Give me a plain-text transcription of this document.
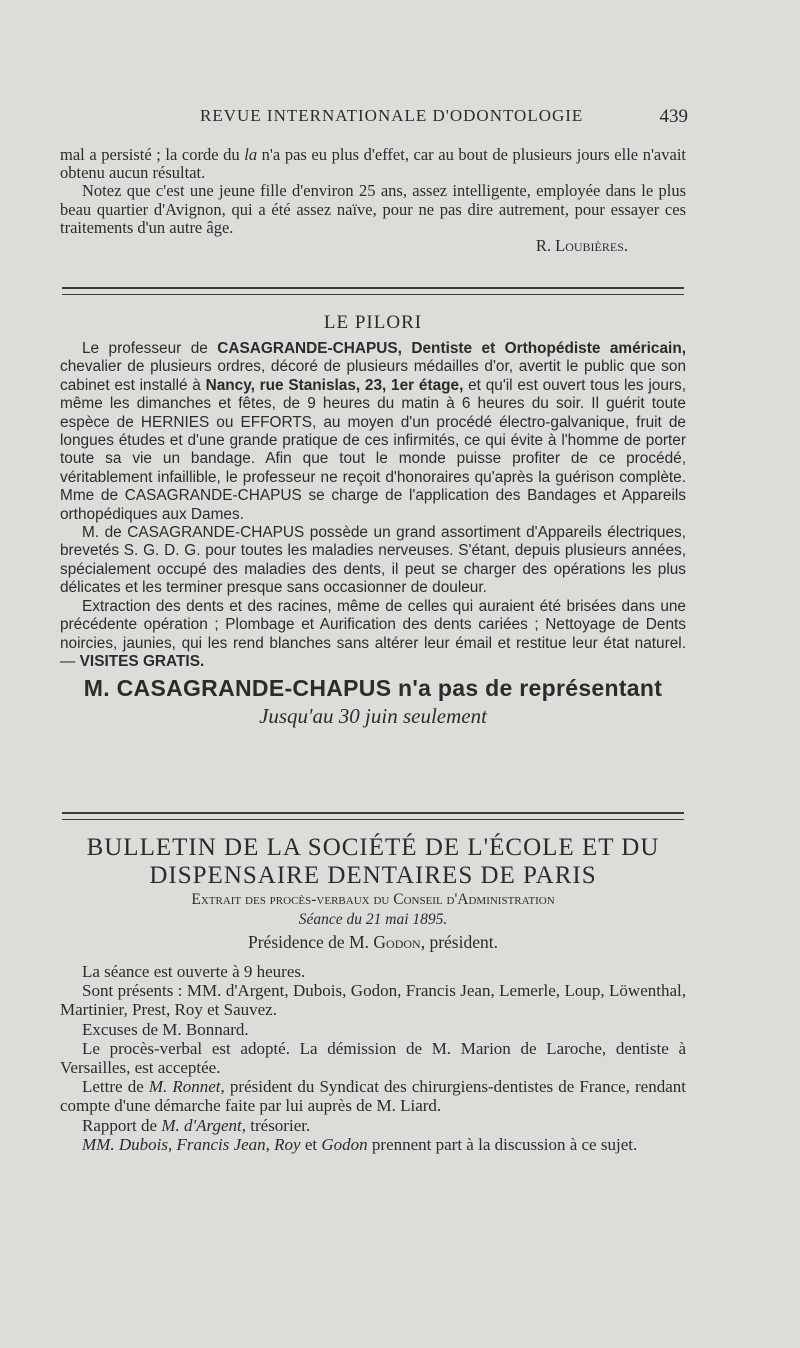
REVUE INTERNATIONALE D'ODONTOLOGIE	439

mal a persisté ; la corde du la n'a pas eu plus d'effet, car au bout de plusieurs jours elle n'avait obtenu aucun résultat.

Notez que c'est une jeune fille d'environ 25 ans, assez intelligente, employée dans le plus beau quartier d'Avignon, qui a été assez naïve, pour ne pas dire autrement, pour essayer ces traitements d'un autre âge.

R. Loubières.

LE PILORI

Le professeur de CASAGRANDE-CHAPUS, Dentiste et Orthopédiste américain, chevalier de plusieurs ordres, décoré de plusieurs médailles d'or, avertit le public que son cabinet est installé à Nancy, rue Stanislas, 23, 1er étage, et qu'il est ouvert tous les jours, même les dimanches et fêtes, de 9 heures du matin à 6 heures du soir. Il guérit toute espèce de HERNIES ou EFFORTS, au moyen d'un procédé électro-galvanique, fruit de longues études et d'une grande pratique de ces infirmités, ce qui évite à l'homme de porter toute sa vie un bandage. Afin que tout le monde puisse profiter de ce procédé, véritablement infaillible, le professeur ne reçoit d'honoraires qu'après la guérison complète. Mme de CASAGRANDE-CHAPUS se charge de l'application des Bandages et Appareils orthopédiques aux Dames.

M. de CASAGRANDE-CHAPUS possède un grand assortiment d'Appareils électriques, brevetés S. G. D. G. pour toutes les maladies nerveuses. S'étant, depuis plusieurs années, spécialement occupé des maladies des dents, il peut se charger des opérations les plus délicates et les terminer presque sans occasionner de douleur.

Extraction des dents et des racines, même de celles qui auraient été brisées dans une précédente opération ; Plombage et Aurification des dents cariées ; Nettoyage de Dents noircies, jaunies, qui les rend blanches sans altérer leur émail et restitue leur état naturel. — VISITES GRATIS.

M. CASAGRANDE-CHAPUS n'a pas de représentant
Jusqu'au 30 juin seulement
BULLETIN DE LA SOCIÉTÉ DE L'ÉCOLE ET DU
DISPENSAIRE DENTAIRES DE PARIS
Extrait des procès-verbaux du Conseil d'Administration
Séance du 21 mai 1895.
Présidence de M. Godon, président.

La séance est ouverte à 9 heures.

Sont présents : MM. d'Argent, Dubois, Godon, Francis Jean, Lemerle, Loup, Löwenthal, Martinier, Prest, Roy et Sauvez.

Excuses de M. Bonnard.

Le procès-verbal est adopté. La démission de M. Marion de Laroche, dentiste à Versailles, est acceptée.

Lettre de M. Ronnet, président du Syndicat des chirurgiens-dentistes de France, rendant compte d'une démarche faite par lui auprès de M. Liard.

Rapport de M. d'Argent, trésorier.

MM. Dubois, Francis Jean, Roy et Godon prennent part à la discussion à ce sujet.
